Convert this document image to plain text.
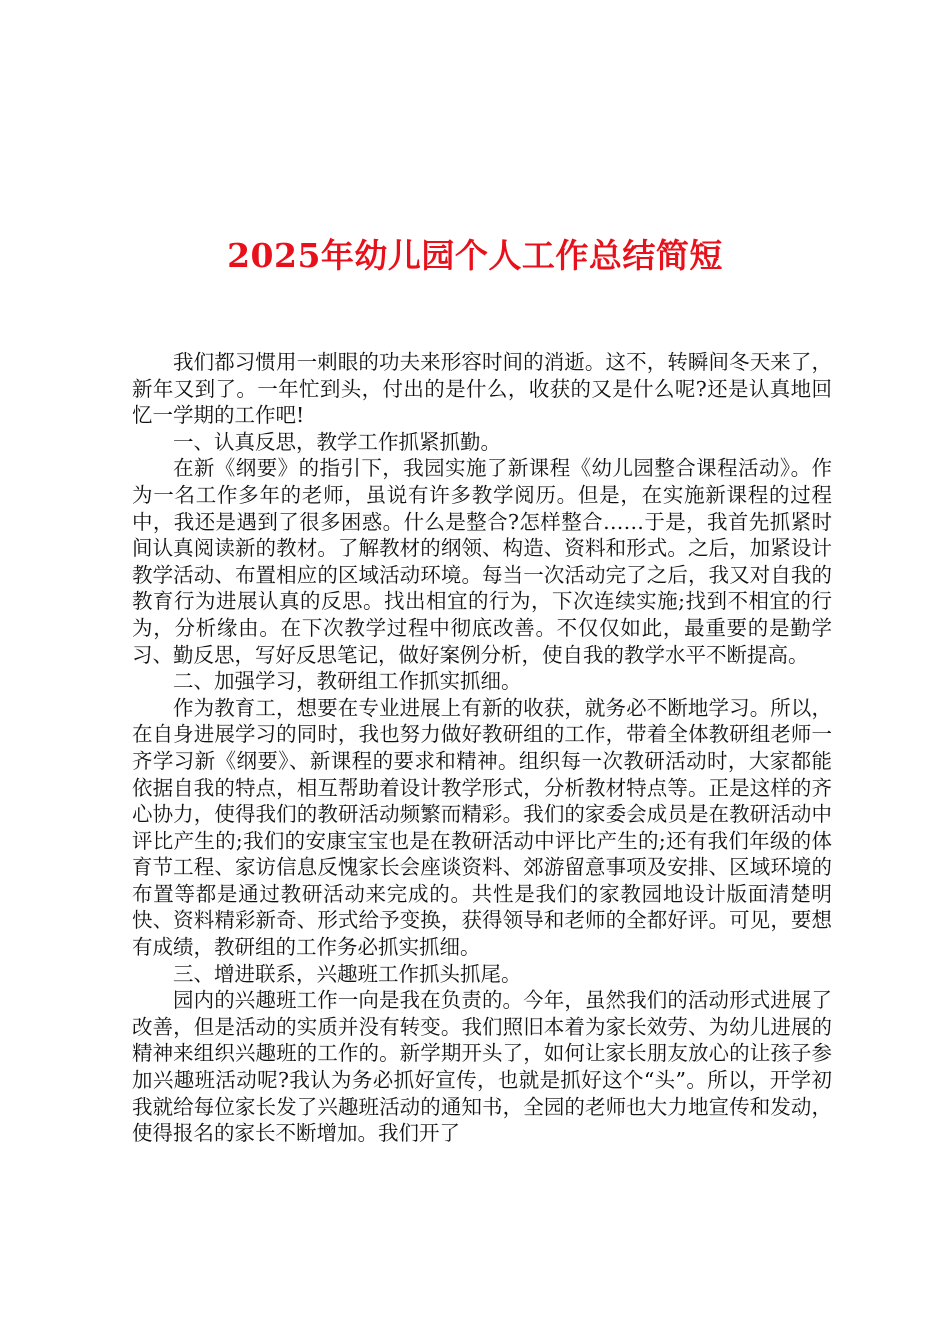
2025年幼儿园个人工作总结简短

我们都习惯用一刺眼的功夫来形容时间的消逝。这不，转瞬间冬天来了，新年又到了。一年忙到头，付出的是什么，收获的又是什么呢?还是认真地回忆一学期的工作吧!

一、认真反思，教学工作抓紧抓勤。

在新《纲要》的指引下，我园实施了新课程《幼儿园整合课程活动》。作为一名工作多年的老师，虽说有许多教学阅历。但是，在实施新课程的过程中，我还是遇到了很多困惑。什么是整合?怎样整合……于是，我首先抓紧时间认真阅读新的教材。了解教材的纲领、构造、资料和形式。之后，加紧设计教学活动、布置相应的区域活动环境。每当一次活动完了之后，我又对自我的教育行为进展认真的反思。找出相宜的行为，下次连续实施;找到不相宜的行为，分析缘由。在下次教学过程中彻底改善。不仅仅如此，最重要的是勤学习、勤反思，写好反思笔记，做好案例分析，使自我的教学水平不断提高。

二、加强学习，教研组工作抓实抓细。

作为教育工，想要在专业进展上有新的收获，就务必不断地学习。所以，在自身进展学习的同时，我也努力做好教研组的工作，带着全体教研组老师一齐学习新《纲要》、新课程的要求和精神。组织每一次教研活动时，大家都能依据自我的特点，相互帮助着设计教学形式，分析教材特点等。正是这样的齐心协力，使得我们的教研活动频繁而精彩。我们的家委会成员是在教研活动中评比产生的;我们的安康宝宝也是在教研活动中评比产生的;还有我们年级的体育节工程、家访信息反愧家长会座谈资料、郊游留意事项及安排、区域环境的布置等都是通过教研活动来完成的。共性是我们的家教园地设计版面清楚明快、资料精彩新奇、形式给予变换，获得领导和老师的全都好评。可见，要想有成绩，教研组的工作务必抓实抓细。

三、增进联系，兴趣班工作抓头抓尾。

园内的兴趣班工作一向是我在负责的。今年，虽然我们的活动形式进展了改善，但是活动的实质并没有转变。我们照旧本着为家长效劳、为幼儿进展的精神来组织兴趣班的工作的。新学期开头了，如何让家长朋友放心的让孩子参加兴趣班活动呢?我认为务必抓好宣传，也就是抓好这个“头”。所以，开学初我就给每位家长发了兴趣班活动的通知书，全园的老师也大力地宣传和发动，使得报名的家长不断增加。我们开了
